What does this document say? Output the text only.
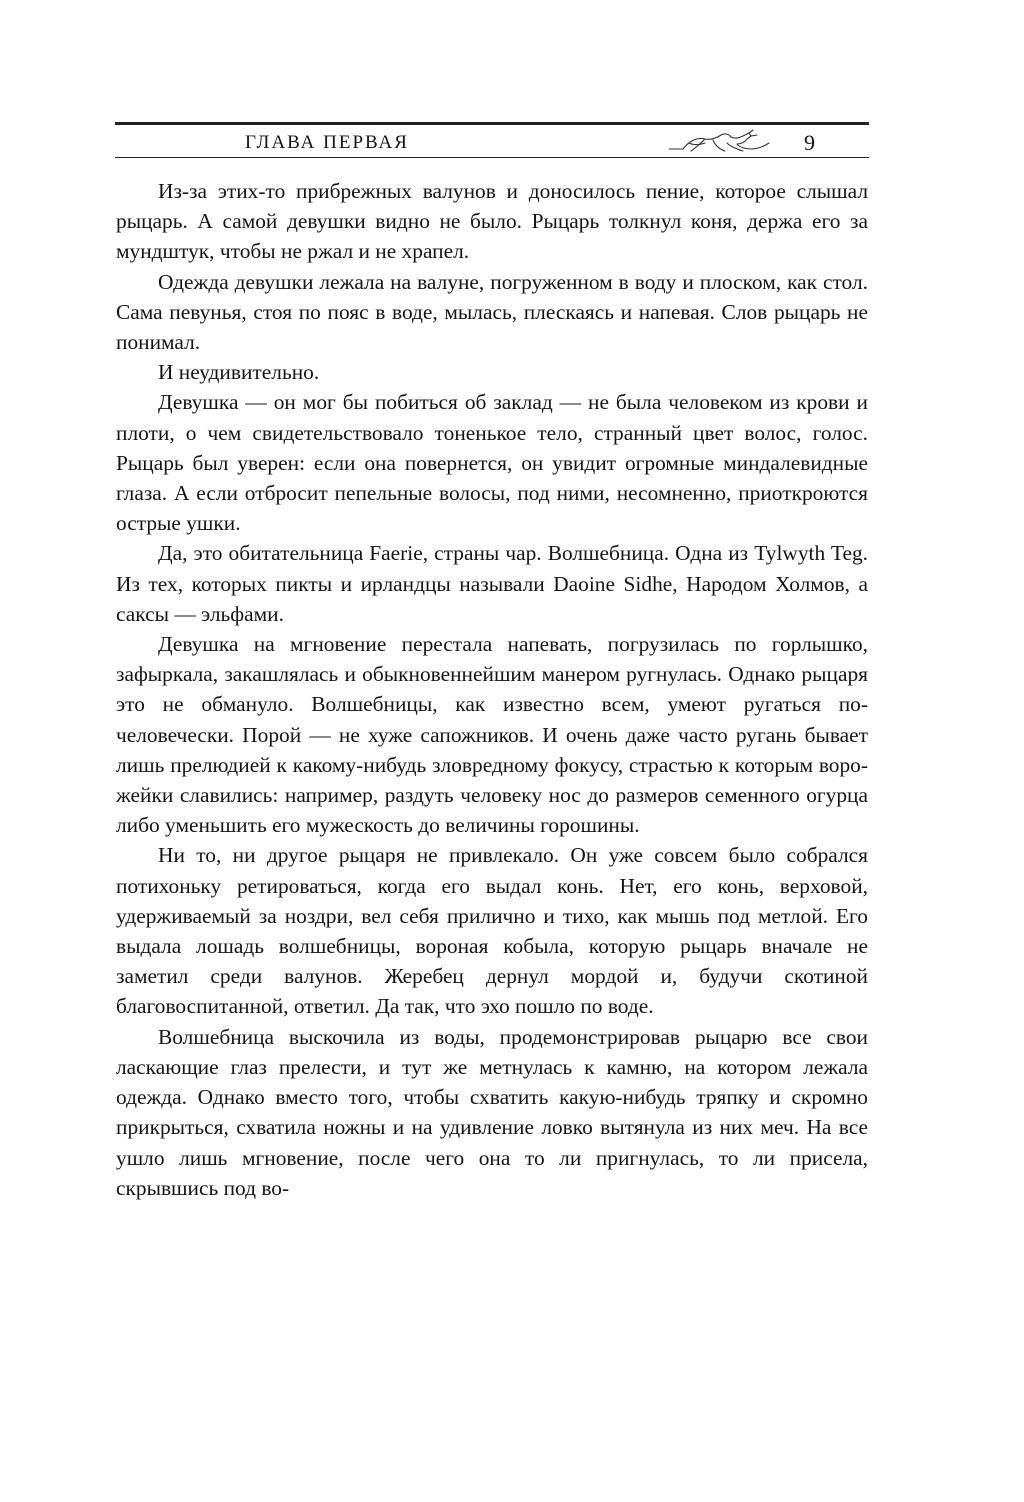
ГЛАВА ПЕРВАЯ	9

Из-за этих-то прибрежных валунов и доносилось пение, которое слышал рыцарь. А самой девушки видно не было. Рыцарь толкнул коня, держа его за мундштук, чтобы не ржал и не храпел.

Одежда девушки лежала на валуне, погруженном в воду и плоском, как стол. Сама певунья, стоя по пояс в воде, мылась, плескаясь и напевая. Слов рыцарь не понимал.

И неудивительно.

Девушка — он мог бы побиться об заклад — не была человеком из крови и плоти, о чем свидетельствовало тоненькое тело, странный цвет волос, голос. Рыцарь был уверен: если она повернется, он увидит огромные миндалевидные глаза. А если отбросит пепельные волосы, под ними, несомненно, приоткроются острые ушки.

Да, это обитательница Faerie, страны чар. Волшебница. Одна из Tylwyth Teg. Из тех, которых пикты и ирландцы называли Daoine Sidhe, Народом Холмов, а саксы — эльфами.

Девушка на мгновение перестала напевать, погрузилась по горлышко, зафыркала, закашлялась и обыкновеннейшим манером ругнулась. Однако рыцаря это не обмануло. Волшебницы, как известно всем, умеют ругаться по-человечески. Порой — не хуже сапожников. И очень даже часто ругань бывает лишь прелюдией к какому-нибудь зловредному фокусу, страстью к которым ворожейки славились: например, раздуть человеку нос до размеров семенного огурца либо уменьшить его мужескость до величины горошины.

Ни то, ни другое рыцаря не привлекало. Он уже совсем было собрался потихоньку ретироваться, когда его выдал конь. Нет, его конь, верховой, удерживаемый за ноздри, вел себя прилично и тихо, как мышь под метлой. Его выдала лошадь волшебницы, вороная кобыла, которую рыцарь вначале не заметил среди валунов. Жеребец дернул мордой и, будучи скотиной благовоспитанной, ответил. Да так, что эхо пошло по воде.

Волшебница выскочила из воды, продемонстрировав рыцарю все свои ласкающие глаз прелести, и тут же метнулась к камню, на котором лежала одежда. Однако вместо того, чтобы схватить какую-нибудь тряпку и скромно прикрыться, схватила ножны и на удивление ловко вытянула из них меч. На все ушло лишь мгновение, после чего она то ли пригнулась, то ли присела, скрывшись под во-
